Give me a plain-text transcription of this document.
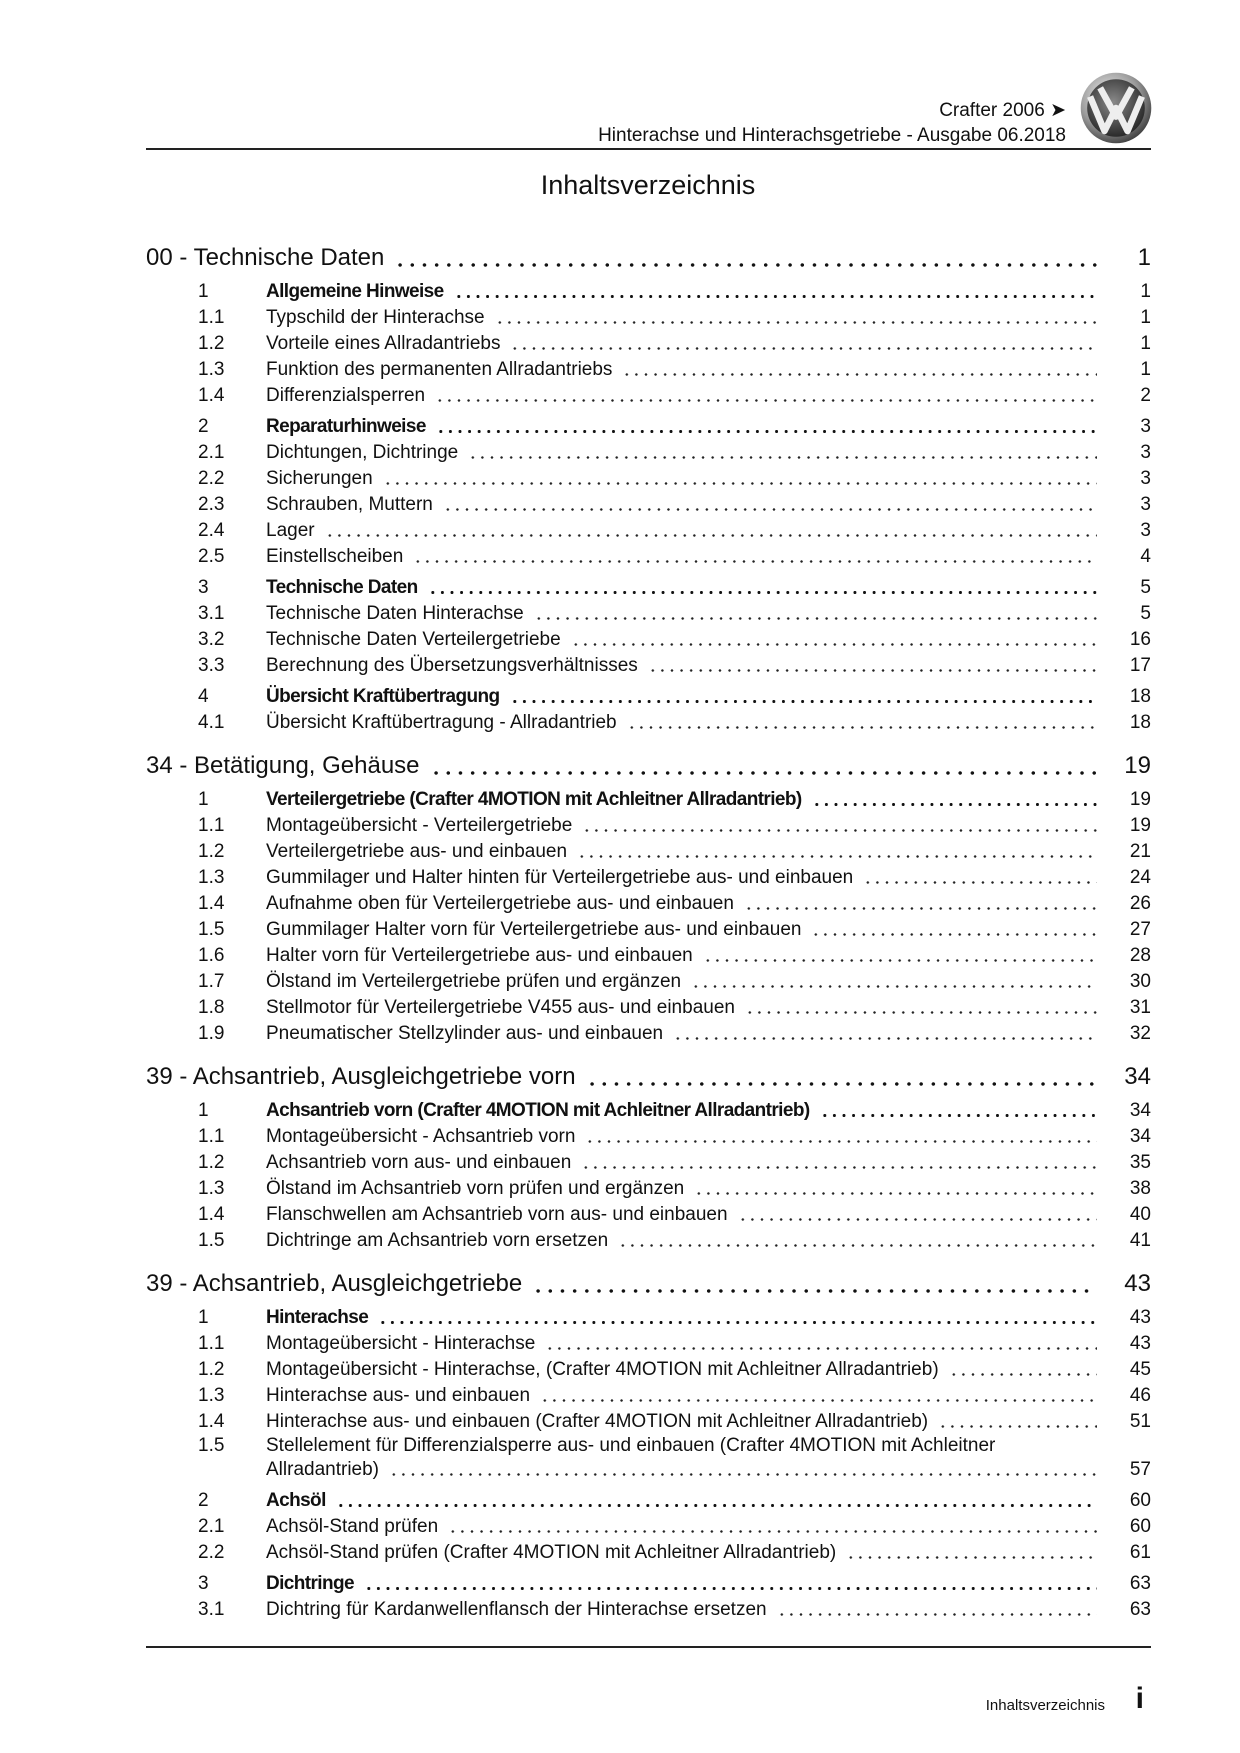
Crafter 2006 ➤
Hinterachse und Hinterachsgetriebe - Ausgabe 06.2018
Inhaltsverzeichnis
00 - Technische Daten	1
1	Allgemeine Hinweise	1
1.1 Typschild der Hinterachse	1
1.2 Vorteile eines Allradantriebs	1
1.3 Funktion des permanenten Allradantriebs	1
1.4 Differenzialsperren	2
2	Reparaturhinweise	3
2.1 Dichtungen, Dichtringe	3
2.2 Sicherungen	3
2.3 Schrauben, Muttern	3
2.4 Lager	3
2.5 Einstellscheiben	4
3	Technische Daten	5
3.1 Technische Daten Hinterachse	5
3.2 Technische Daten Verteilergetriebe	16
3.3 Berechnung des Übersetzungsverhältnisses	17
4	Übersicht Kraftübertragung	18
4.1 Übersicht Kraftübertragung - Allradantrieb	18
34 - Betätigung, Gehäuse	19
1	Verteilergetriebe (Crafter 4MOTION mit Achleitner Allradantrieb)	19
1.1 Montageübersicht - Verteilergetriebe	19
1.2 Verteilergetriebe aus- und einbauen	21
1.3 Gummilager und Halter hinten für Verteilergetriebe aus- und einbauen	24
1.4 Aufnahme oben für Verteilergetriebe aus- und einbauen	26
1.5 Gummilager Halter vorn für Verteilergetriebe aus- und einbauen	27
1.6 Halter vorn für Verteilergetriebe aus- und einbauen	28
1.7 Ölstand im Verteilergetriebe prüfen und ergänzen	30
1.8 Stellmotor für Verteilergetriebe V455 aus- und einbauen	31
1.9 Pneumatischer Stellzylinder aus- und einbauen	32
39 - Achsantrieb, Ausgleichgetriebe vorn	34
1	Achsantrieb vorn (Crafter 4MOTION mit Achleitner Allradantrieb)	34
1.1 Montageübersicht - Achsantrieb vorn	34
1.2 Achsantrieb vorn aus- und einbauen	35
1.3 Ölstand im Achsantrieb vorn prüfen und ergänzen	38
1.4 Flanschwellen am Achsantrieb vorn aus- und einbauen	40
1.5 Dichtringe am Achsantrieb vorn ersetzen	41
39 - Achsantrieb, Ausgleichgetriebe	43
1	Hinterachse	43
1.1 Montageübersicht - Hinterachse	43
1.2 Montageübersicht - Hinterachse, (Crafter 4MOTION mit Achleitner Allradantrieb)	45
1.3 Hinterachse aus- und einbauen	46
1.4 Hinterachse aus- und einbauen (Crafter 4MOTION mit Achleitner Allradantrieb)	51
1.5 Stellelement für Differenzialsperre aus- und einbauen (Crafter 4MOTION mit Achleitner
Allradantrieb)	57
2	Achsöl	60
2.1 Achsöl-Stand prüfen	60
2.2 Achsöl-Stand prüfen (Crafter 4MOTION mit Achleitner Allradantrieb)	61
3	Dichtringe	63
3.1 Dichtring für Kardanwellenflansch der Hinterachse ersetzen	63
Inhaltsverzeichnis i
